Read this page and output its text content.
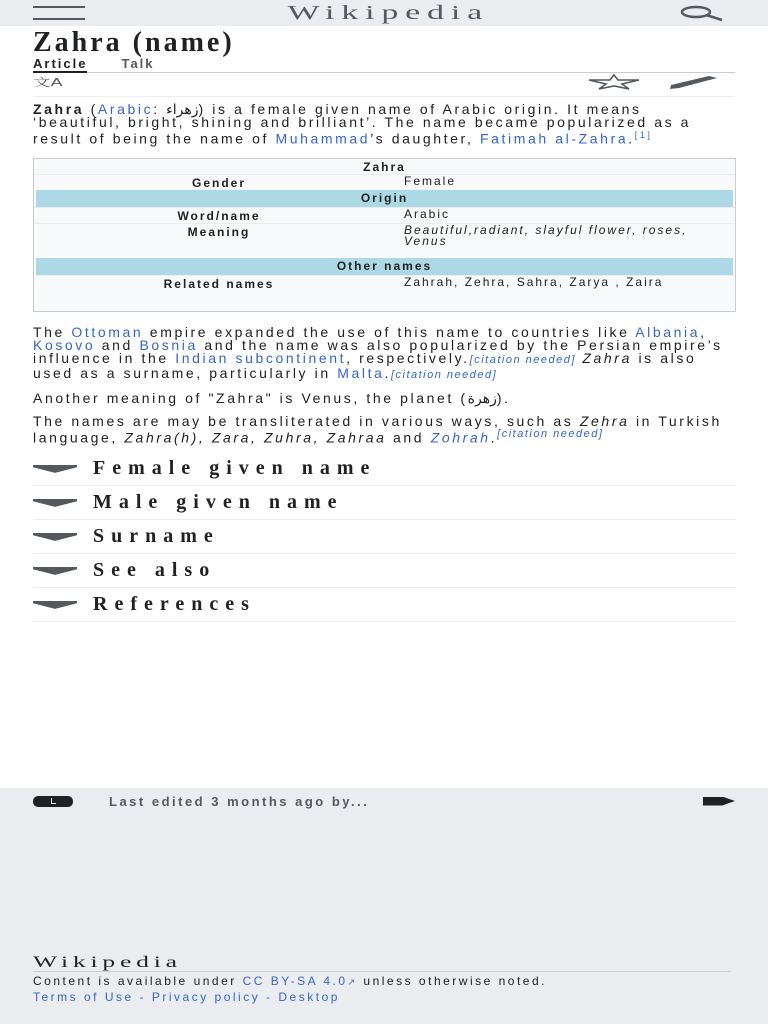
Wikipedia
Zahra (name)
Article	Talk
文A

Zahra (Arabic: زهراء) is a female given name of Arabic origin. It means ‘beautiful, bright, shining and brilliant’. The name became popularized as a result of being the name of Muhammad’s daughter, Fatimah al-Zahra.[1]

Zahra
Gender	Female
Origin
Word/name	Arabic
Meaning	Beautiful,radiant, slayful flower, roses, Venus
Other names
Related names	Zahrah, Zehra, Sahra, Zarya , Zaira

The Ottoman empire expanded the use of this name to countries like Albania, Kosovo and Bosnia and the name was also popularized by the Persian empire’s influence in the Indian subcontinent, respectively.[citation needed] Zahra is also used as a surname, particularly in Malta.[citation needed]

Another meaning of "Zahra" is Venus, the planet (زهرة).

The names are may be transliterated in various ways, such as Zehra in Turkish language, Zahra(h), Zara, Zuhra, Zahraa and Zohrah.[citation needed]

Female given name
Male given name
Surname
See also
References
Last edited 3 months ago by...
Wikipedia

Content is available under CC BY-SA 4.0↗ unless otherwise noted.

Terms of Use - Privacy policy - Desktop
